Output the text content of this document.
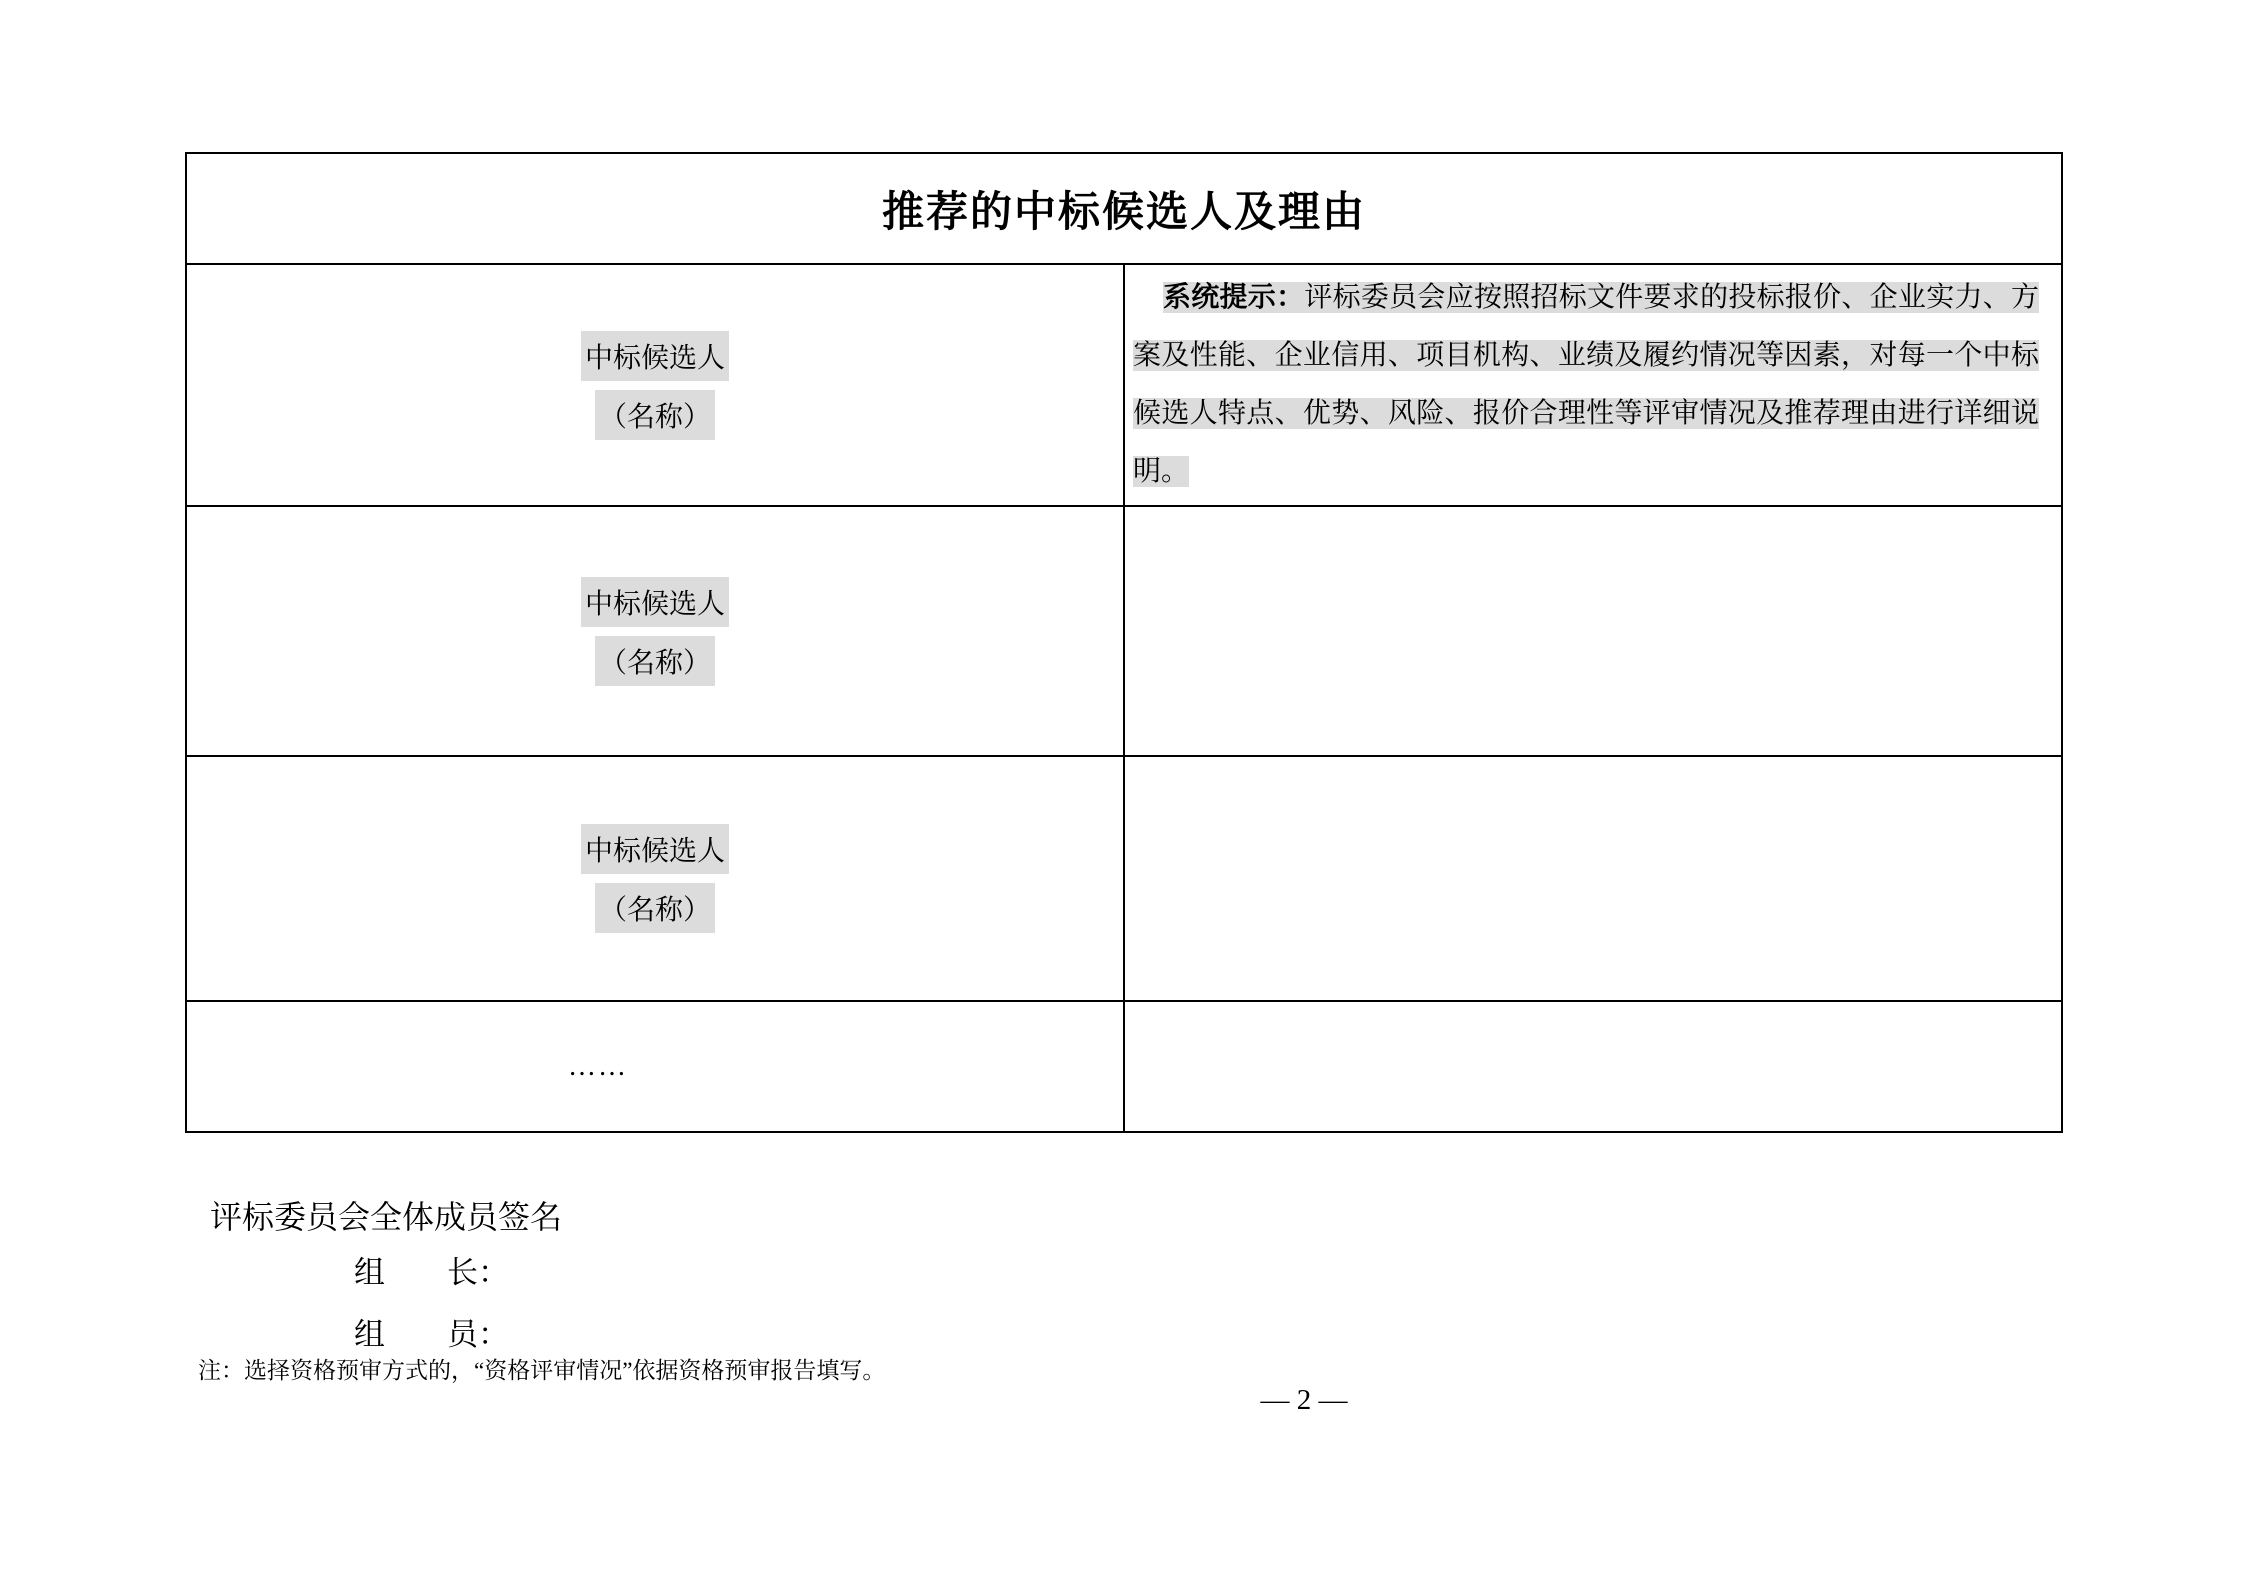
推荐的中标候选人及理由	

中标候选人
（名称）	系统提示：评标委员会应按照招标文件要求的投标报价、企业实力、方案及性能、企业信用、项目机构、业绩及履约情况等因素，对每一个中标候选人特点、优势、风险、报价合理性等评审情况及推荐理由进行详细说明。

中标候选人
（名称）	

中标候选人
（名称）	

……	
评标委员会全体成员签名
组　　长：
组　　员：
注：选择资格预审方式的，“资格评审情况”依据资格预审报告填写。
— 2 —
